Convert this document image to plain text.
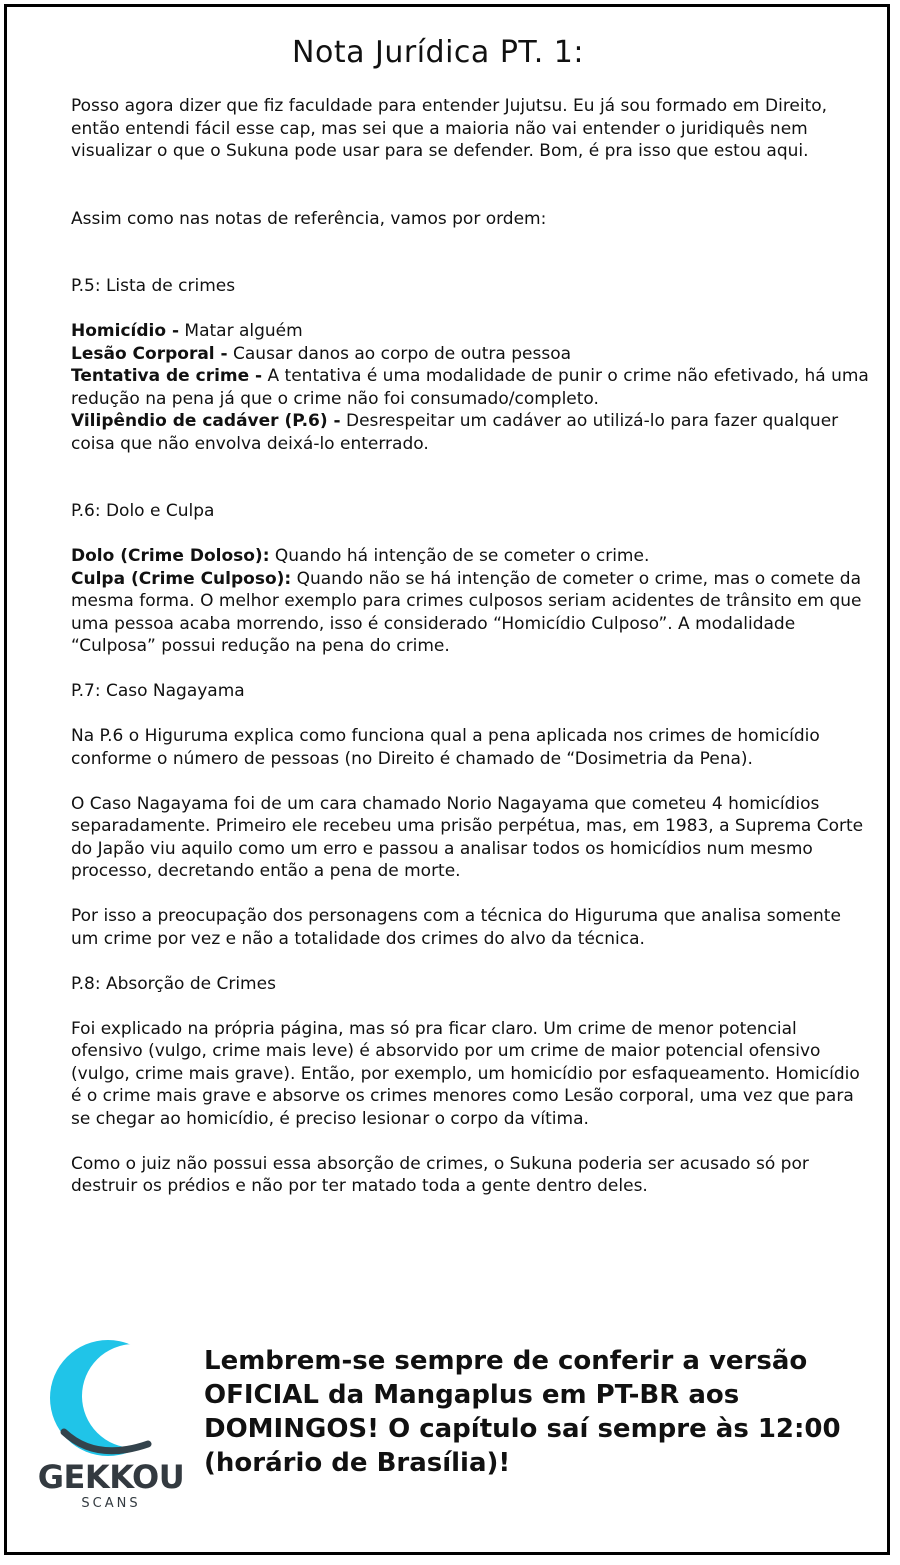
Nota Jurídica PT. 1:

Posso agora dizer que fiz faculdade para entender Jujutsu. Eu já sou formado em Direito, então entendi fácil esse cap, mas sei que a maioria não vai entender o juridiquês nem visualizar o que o Sukuna pode usar para se defender. Bom, é pra isso que estou aqui.

Assim como nas notas de referência, vamos por ordem:

P.5: Lista de crimes

Homicídio - Matar alguém

Lesão Corporal - Causar danos ao corpo de outra pessoa

Tentativa de crime - A tentativa é uma modalidade de punir o crime não efetivado, há uma redução na pena já que o crime não foi consumado/completo.

Vilipêndio de cadáver (P.6) - Desrespeitar um cadáver ao utilizá-lo para fazer qualquer coisa que não envolva deixá-lo enterrado.

P.6: Dolo e Culpa

Dolo (Crime Doloso): Quando há intenção de se cometer o crime.

Culpa (Crime Culposo): Quando não se há intenção de cometer o crime, mas o comete da mesma forma. O melhor exemplo para crimes culposos seriam acidentes de trânsito em que uma pessoa acaba morrendo, isso é considerado “Homicídio Culposo”. A modalidade “Culposa” possui redução na pena do crime.

P.7: Caso Nagayama

Na P.6 o Higuruma explica como funciona qual a pena aplicada nos crimes de homicídio conforme o número de pessoas (no Direito é chamado de “Dosimetria da Pena).

O Caso Nagayama foi de um cara chamado Norio Nagayama que cometeu 4 homicídios separadamente. Primeiro ele recebeu uma prisão perpétua, mas, em 1983, a Suprema Corte do Japão viu aquilo como um erro e passou a analisar todos os homicídios num mesmo processo, decretando então a pena de morte.

Por isso a preocupação dos personagens com a técnica do Higuruma que analisa somente um crime por vez e não a totalidade dos crimes do alvo da técnica.

P.8: Absorção de Crimes

Foi explicado na própria página, mas só pra ficar claro. Um crime de menor potencial ofensivo (vulgo, crime mais leve) é absorvido por um crime de maior potencial ofensivo (vulgo, crime mais grave). Então, por exemplo, um homicídio por esfaqueamento. Homicídio é o crime mais grave e absorve os crimes menores como Lesão corporal, uma vez que para se chegar ao homicídio, é preciso lesionar o corpo da vítima.

Como o juiz não possui essa absorção de crimes, o Sukuna poderia ser acusado só por destruir os prédios e não por ter matado toda a gente dentro deles.

GEKKOU
SCANS
Lembrem-se sempre de conferir a versão OFICIAL da Mangaplus em PT-BR aos DOMINGOS! O capítulo saí sempre às 12:00 (horário de Brasília)!
